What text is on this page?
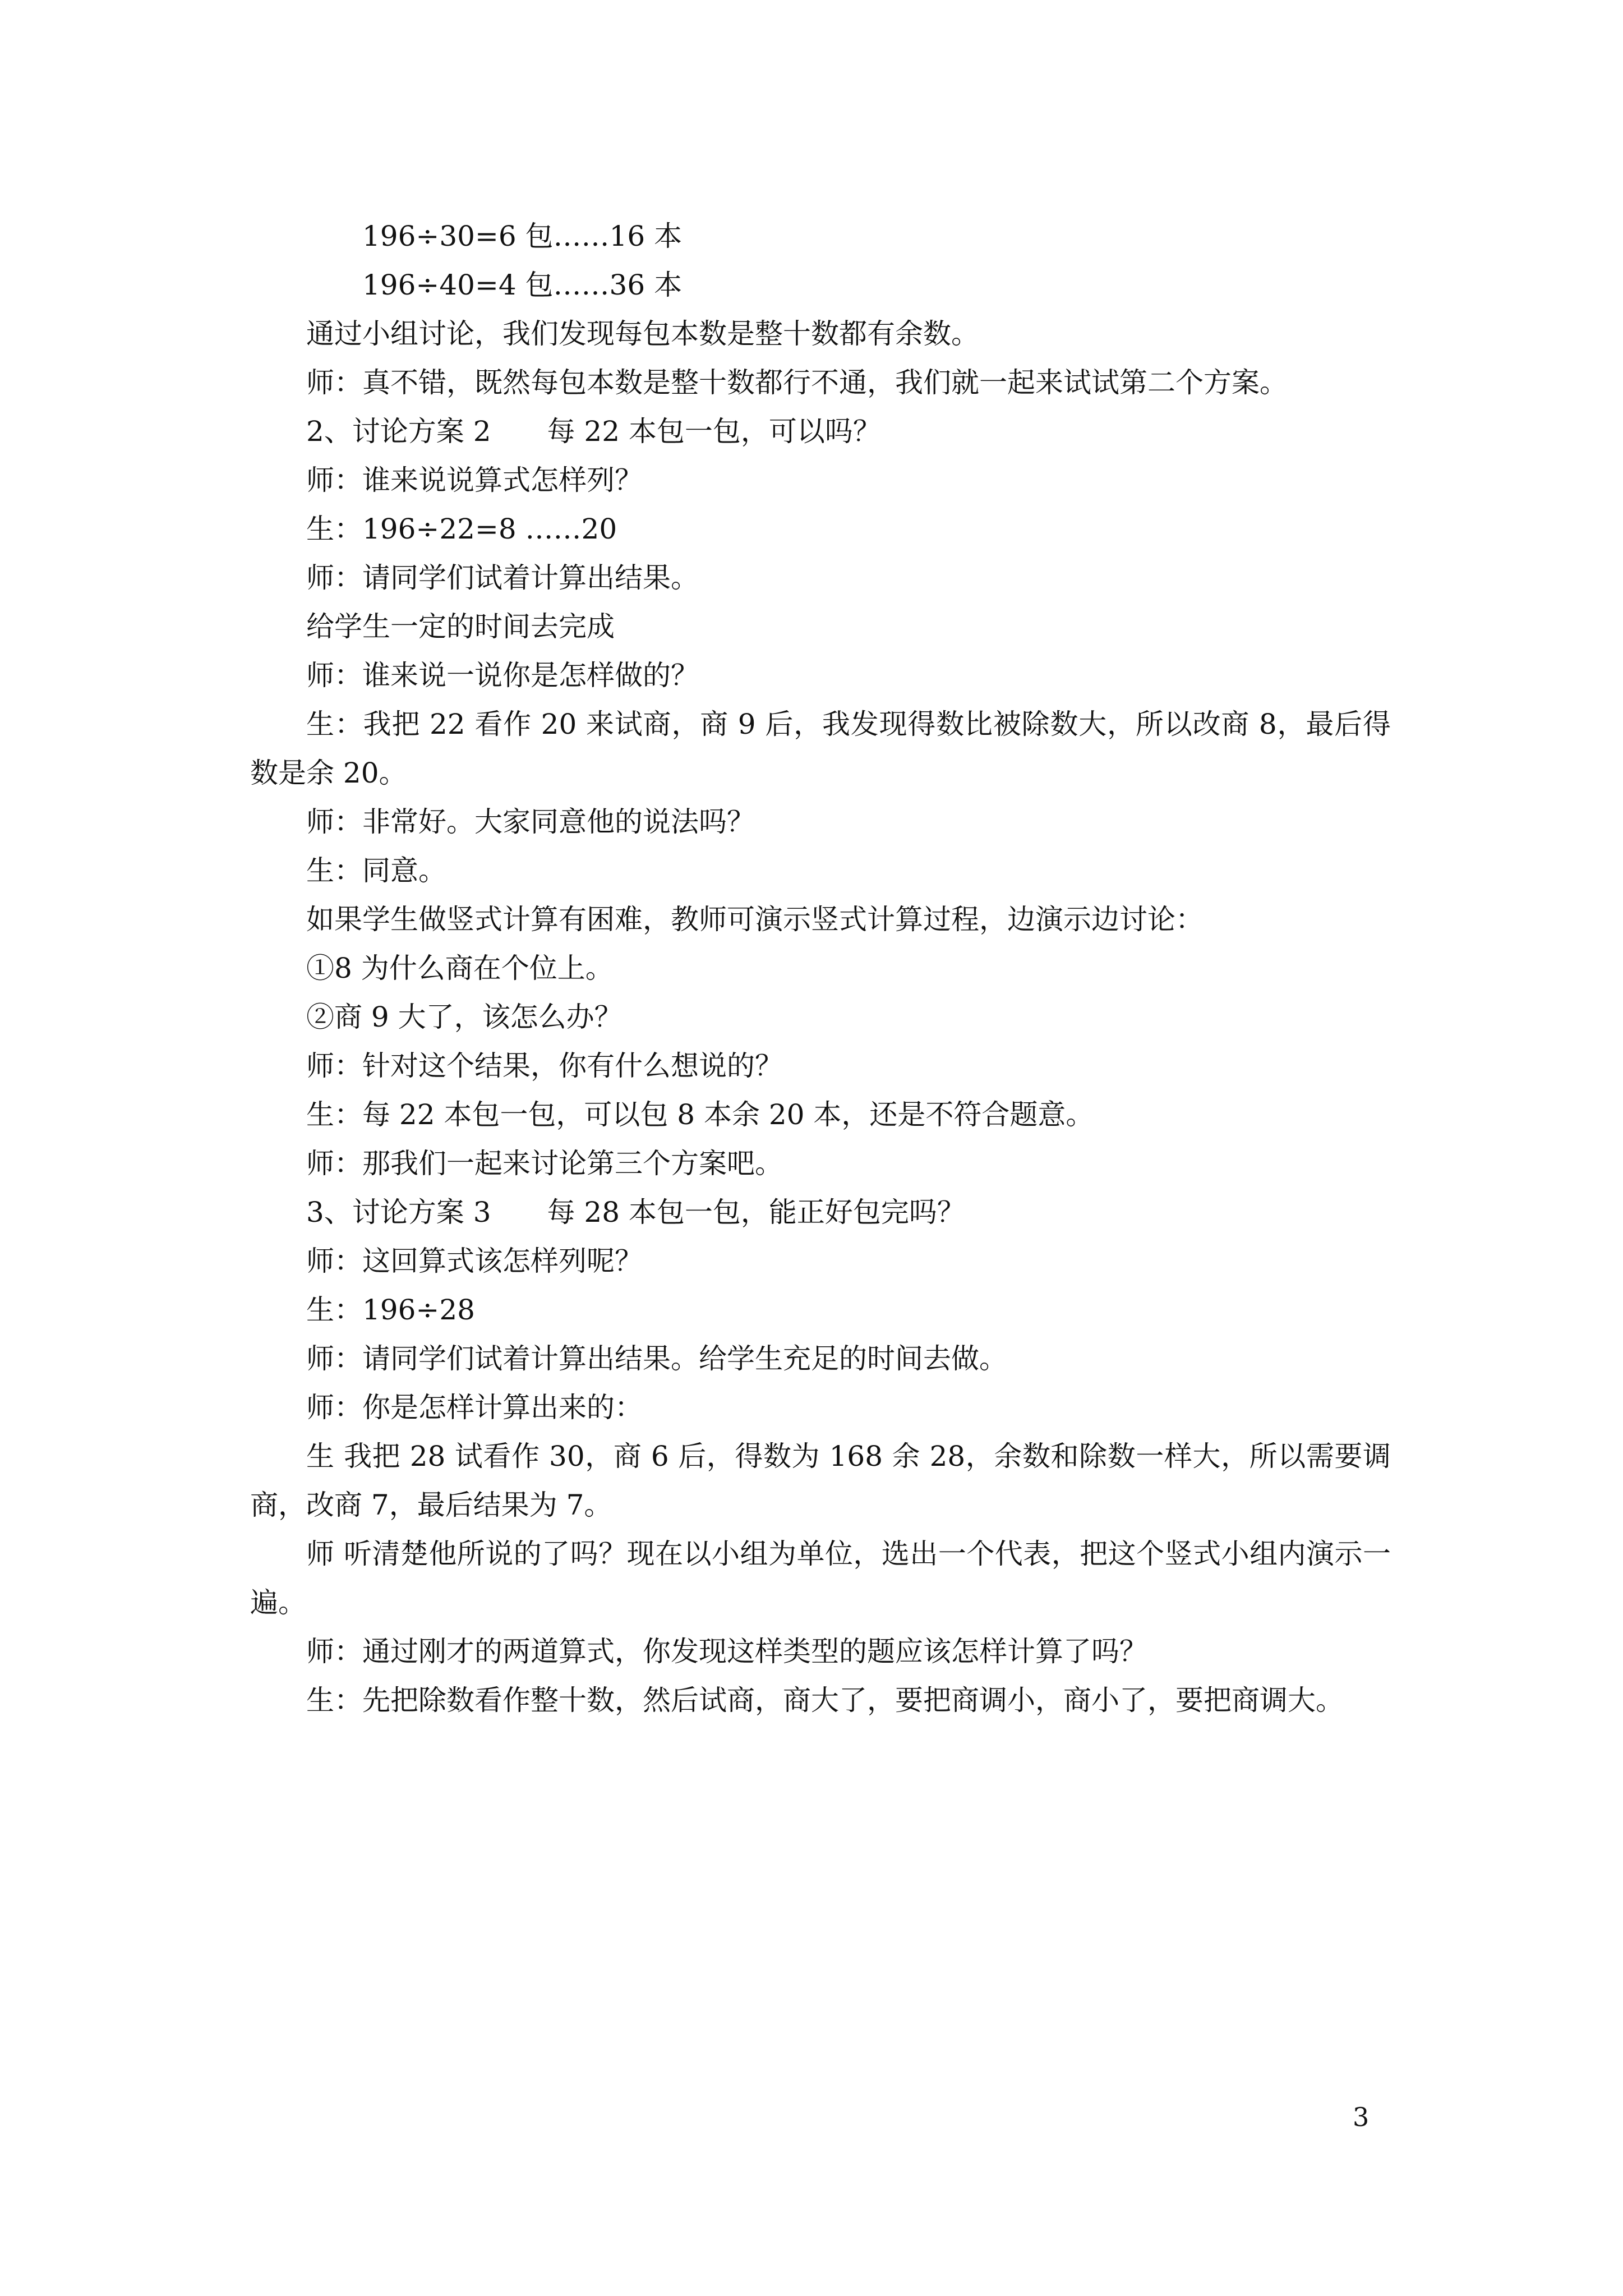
196÷30=6 包……16 本
196÷40=4 包……36 本
通过小组讨论，我们发现每包本数是整十数都有余数。
师：真不错，既然每包本数是整十数都行不通，我们就一起来试试第二个方案。
2、讨论方案 2　　每 22 本包一包，可以吗？
师：谁来说说算式怎样列？
生：196÷22=8 ……20
师：请同学们试着计算出结果。
给学生一定的时间去完成
师：谁来说一说你是怎样做的？
生：我把 22 看作 20 来试商，商 9 后，我发现得数比被除数大，所以改商 8，最后得数是余 20。
师：非常好。大家同意他的说法吗？
生：同意。
如果学生做竖式计算有困难，教师可演示竖式计算过程，边演示边讨论：
①8 为什么商在个位上。
②商 9 大了，该怎么办？
师：针对这个结果，你有什么想说的？
生：每 22 本包一包，可以包 8 本余 20 本，还是不符合题意。
师：那我们一起来讨论第三个方案吧。
3、讨论方案 3　　每 28 本包一包，能正好包完吗？
师：这回算式该怎样列呢？
生：196÷28
师：请同学们试着计算出结果。给学生充足的时间去做。
师：你是怎样计算出来的：
生 我把 28 试看作 30，商 6 后，得数为 168 余 28，余数和除数一样大，所以需要调商，改商 7，最后结果为 7。
师 听清楚他所说的了吗？现在以小组为单位，选出一个代表，把这个竖式小组内演示一遍。
师：通过刚才的两道算式，你发现这样类型的题应该怎样计算了吗？
生：先把除数看作整十数，然后试商，商大了，要把商调小，商小了，要把商调大。
3
